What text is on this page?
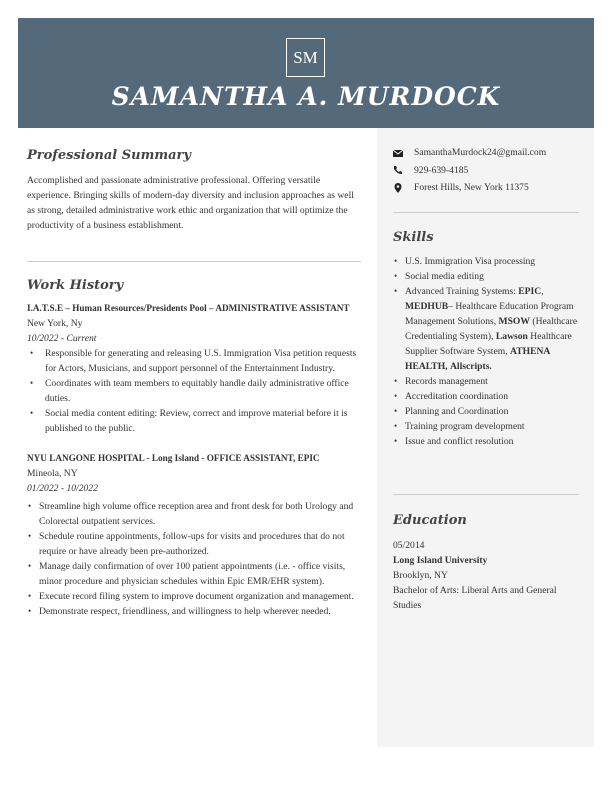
SM
SAMANTHA A. MURDOCK
Professional Summary
Accomplished and passionate administrative professional. Offering versatile experience. Bringing skills of modern-day diversity and inclusion approaches as well as strong, detailed administrative work ethic and organization that will optimize the productivity of a business establishment.
Work History
I.A.T.S.E – Human Resources/Presidents Pool – ADMINISTRATIVE ASSISTANT
New York, Ny
10/2022 - Current
• Responsible for generating and releasing U.S. Immigration Visa petition requests for Actors, Musicians, and support personnel of the Entertainment Industry.
• Coordinates with team members to equitably handle daily administrative office duties.
• Social media content editing: Review, correct and improve material before it is published to the public.
NYU LANGONE HOSPITAL - Long Island - OFFICE ASSISTANT, EPIC
Mineola, NY
01/2022 - 10/2022
• Streamline high volume office reception area and front desk for both Urology and Colorectal outpatient services.
• Schedule routine appointments, follow-ups for visits and procedures that do not require or have already been pre-authorized.
• Manage daily confirmation of over 100 patient appointments (i.e. - office visits, minor procedure and physician schedules within Epic EMR/EHR system).
• Execute record filing system to improve document organization and management.
• Demonstrate respect, friendliness, and willingness to help wherever needed.
SamanthaMurdock24@gmail.com
929-639-4185
Forest Hills, New York 11375
Skills
• U.S. Immigration Visa processing
• Social media editing
• Advanced Training Systems: EPIC, MEDHUB– Healthcare Education Program Management Solutions, MSOW (Healthcare Credentialing System), Lawson Healthcare Supplier Software System, ATHENA HEALTH, Allscripts.
• Records management
• Accreditation coordination
• Planning and Coordination
• Training program development
• Issue and conflict resolution
Education
05/2014
Long Island University
Brooklyn, NY
Bachelor of Arts: Liberal Arts and General Studies
